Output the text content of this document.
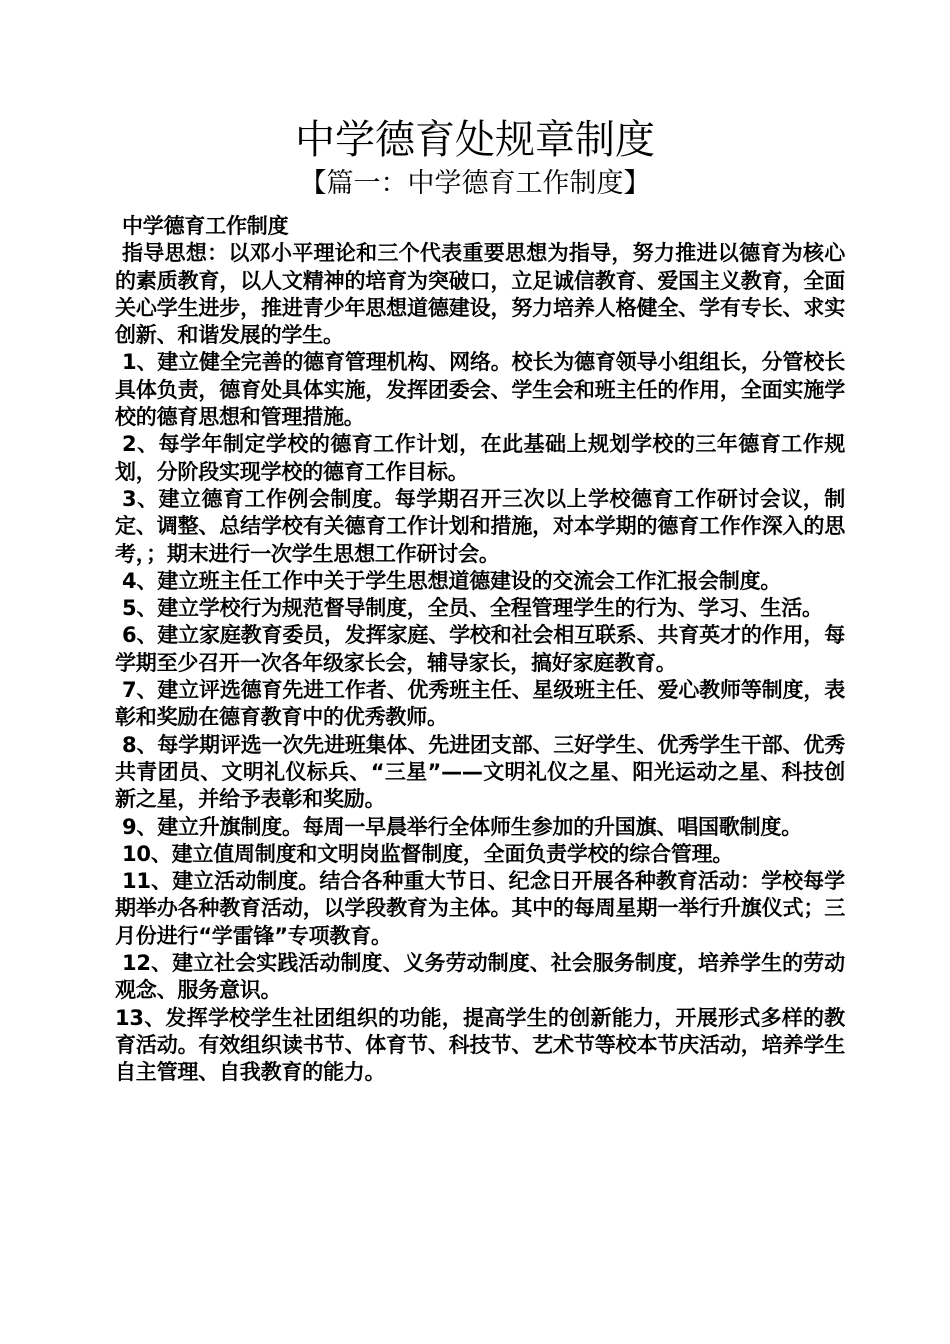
中学德育处规章制度
【篇一：中学德育工作制度】

中学德育工作制度

指导思想：以邓小平理论和三个代表重要思想为指导，努力推进以德育为核心的素质教育，以人文精神的培育为突破口，立足诚信教育、爱国主义教育，全面关心学生进步，推进青少年思想道德建设，努力培养人格健全、学有专长、求实创新、和谐发展的学生。

1、建立健全完善的德育管理机构、网络。校长为德育领导小组组长，分管校长具体负责，德育处具体实施，发挥团委会、学生会和班主任的作用，全面实施学校的德育思想和管理措施。

2、每学年制定学校的德育工作计划，在此基础上规划学校的三年德育工作规划，分阶段实现学校的德育工作目标。

3、建立德育工作例会制度。每学期召开三次以上学校德育工作研讨会议，制定、调整、总结学校有关德育工作计划和措施，对本学期的德育工作作深入的思考，；期末进行一次学生思想工作研讨会。

4、建立班主任工作中关于学生思想道德建设的交流会工作汇报会制度。

5、建立学校行为规范督导制度，全员、全程管理学生的行为、学习、生活。

6、建立家庭教育委员，发挥家庭、学校和社会相互联系、共育英才的作用，每学期至少召开一次各年级家长会，辅导家长，搞好家庭教育。

7、建立评选德育先进工作者、优秀班主任、星级班主任、爱心教师等制度，表彰和奖励在德育教育中的优秀教师。

8、每学期评选一次先进班集体、先进团支部、三好学生、优秀学生干部、优秀共青团员、文明礼仪标兵、“三星”——文明礼仪之星、阳光运动之星、科技创新之星，并给予表彰和奖励。

9、建立升旗制度。每周一早晨举行全体师生参加的升国旗、唱国歌制度。

10、建立值周制度和文明岗监督制度，全面负责学校的综合管理。

11、建立活动制度。结合各种重大节日、纪念日开展各种教育活动：学校每学期举办各种教育活动，以学段教育为主体。其中的每周星期一举行升旗仪式；三月份进行“学雷锋”专项教育。

12、建立社会实践活动制度、义务劳动制度、社会服务制度，培养学生的劳动观念、服务意识。

13、发挥学校学生社团组织的功能，提高学生的创新能力，开展形式多样的教育活动。有效组织读书节、体育节、科技节、艺术节等校本节庆活动，培养学生自主管理、自我教育的能力。
